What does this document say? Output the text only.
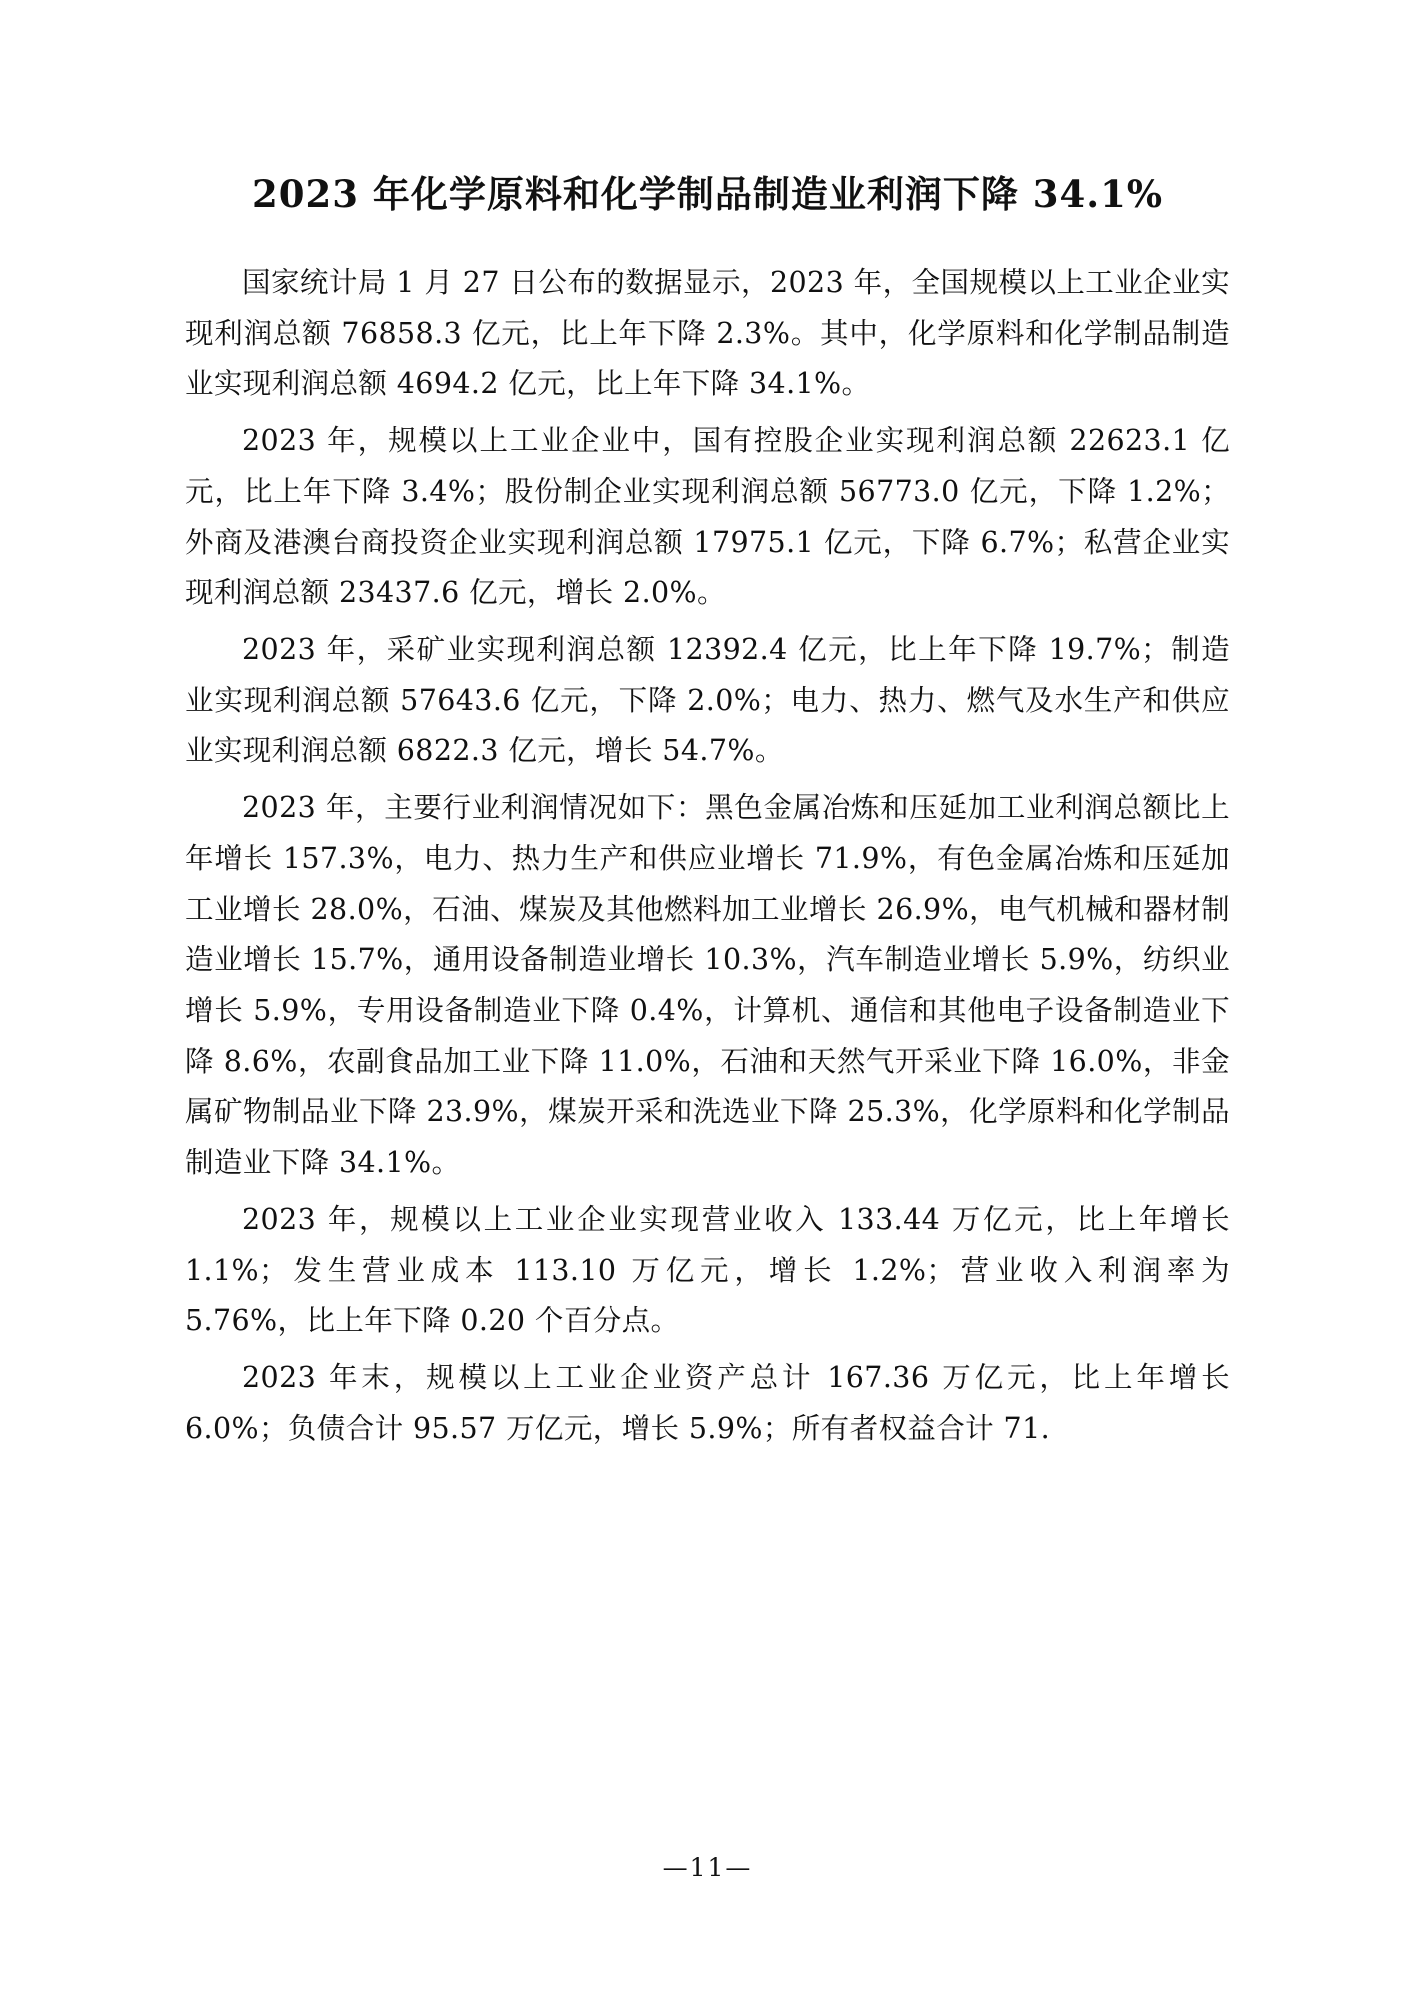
2023 年化学原料和化学制品制造业利润下降 34.1%

国家统计局 1 月 27 日公布的数据显示，2023 年，全国规模以上工业企业实现利润总额 76858.3 亿元，比上年下降 2.3%。其中，化学原料和化学制品制造业实现利润总额 4694.2 亿元，比上年下降 34.1%。

2023 年，规模以上工业企业中，国有控股企业实现利润总额 22623.1 亿元，比上年下降 3.4%；股份制企业实现利润总额 56773.0 亿元，下降 1.2%；外商及港澳台商投资企业实现利润总额 17975.1 亿元，下降 6.7%；私营企业实现利润总额 23437.6 亿元，增长 2.0%。

2023 年，采矿业实现利润总额 12392.4 亿元，比上年下降 19.7%；制造业实现利润总额 57643.6 亿元，下降 2.0%；电力、热力、燃气及水生产和供应业实现利润总额 6822.3 亿元，增长 54.7%。

2023 年，主要行业利润情况如下：黑色金属冶炼和压延加工业利润总额比上年增长 157.3%，电力、热力生产和供应业增长 71.9%，有色金属冶炼和压延加工业增长 28.0%，石油、煤炭及其他燃料加工业增长 26.9%，电气机械和器材制造业增长 15.7%，通用设备制造业增长 10.3%，汽车制造业增长 5.9%，纺织业增长 5.9%，专用设备制造业下降 0.4%，计算机、通信和其他电子设备制造业下降 8.6%，农副食品加工业下降 11.0%，石油和天然气开采业下降 16.0%，非金属矿物制品业下降 23.9%，煤炭开采和洗选业下降 25.3%，化学原料和化学制品制造业下降 34.1%。

2023 年，规模以上工业企业实现营业收入 133.44 万亿元，比上年增长 1.1%；发生营业成本 113.10 万亿元，增长 1.2%；营业收入利润率为 5.76%，比上年下降 0.20 个百分点。

2023 年末，规模以上工业企业资产总计 167.36 万亿元，比上年增长 6.0%；负债合计 95.57 万亿元，增长 5.9%；所有者权益合计 71.

—11—
